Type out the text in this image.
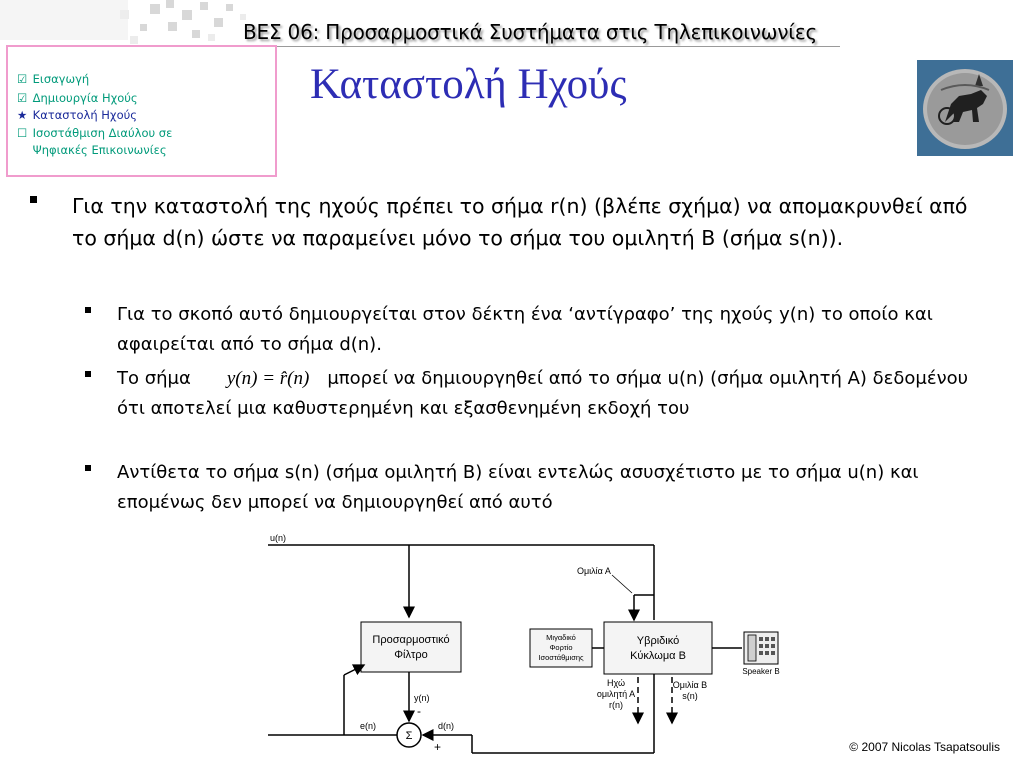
ΒΕΣ 06: Προσαρμοστικά Συστήματα στις Τηλεπικοινωνίες
☑ Εισαγωγή
☑ Δημιουργία Ηχούς
★ Καταστολή Ηχούς
☐ Ισοστάθμιση Διαύλου σε
Ψηφιακές Επικοινωνίες
Καταστολή Ηχούς
Για την καταστολή της ηχούς πρέπει το σήμα r(n) (βλέπε σχήμα) να απομακρυνθεί από το σήμα d(n) ώστε να παραμείνει μόνο το σήμα του ομιλητή Β (σήμα s(n)).
Για το σκοπό αυτό δημιουργείται στον δέκτη ένα ‘αντίγραφο’ της ηχούς y(n) το οποίο και αφαιρείται από το σήμα d(n).
Το σήμα y(n) = r̂(n) μπορεί να δημιουργηθεί από το σήμα u(n) (σήμα ομιλητή Α) δεδομένου ότι αποτελεί μια καθυστερημένη και εξασθενημένη εκδοχή του
Αντίθετα το σήμα s(n) (σήμα ομιλητή Β) είναι εντελώς ασυσχέτιστο με το σήμα u(n) και επομένως δεν μπορεί να δημιουργηθεί από αυτό
u(n)
Ομιλία Α
Προσαρμοστικό
Φίλτρο
Μιγαδικό
Φορτίο
Ισοστάθμισης
Υβριδικό
Κύκλωμα Β
Speaker B
Ηχώ
ομιλητή Α
r(n)
Ομιλία Β
s(n)
y(n)
-
Σ
d(n)
+
e(n)
© 2007 Nicolas Tsapatsoulis
